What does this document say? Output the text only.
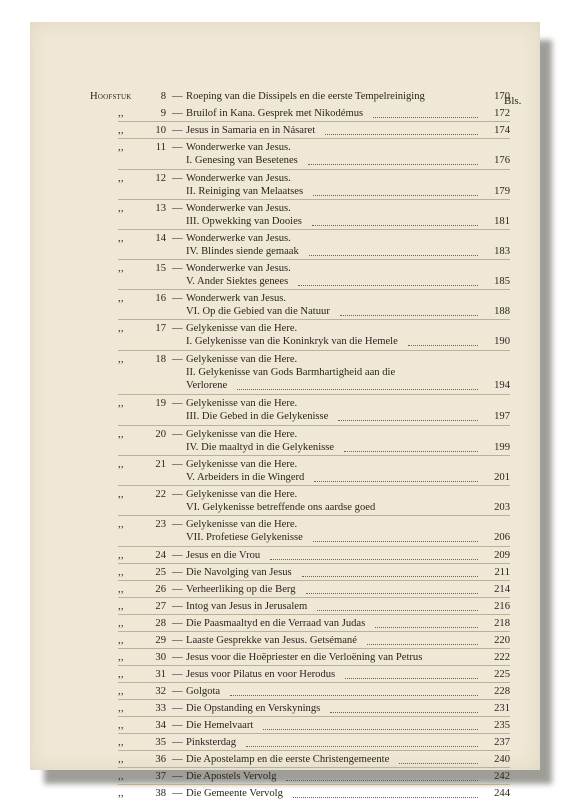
Bls.
Hoofstuk	8 — Roeping van die Dissipels en die eerste Tempelreiniging	170
,,	9 — Bruilof in Kana. Gesprek met Nikodémus	172
,,	10 — Jesus in Samaria en in Násaret	174
,,	11 — Wonderwerke van Jesus.
I. Genesing van Besetenes	176
,,	12 — Wonderwerke van Jesus.
II. Reiniging van Melaatses	179
,,	13 — Wonderwerke van Jesus.
III. Opwekking van Dooies	181
,,	14 — Wonderwerke van Jesus.
IV. Blindes siende gemaak	183
,,	15 — Wonderwerke van Jesus.
V. Ander Siektes genees	185
,,	16 — Wonderwerk van Jesus.
VI. Op die Gebied van die Natuur	188
,,	17 — Gelykenisse van die Here.
I. Gelykenisse van die Koninkryk van die Hemele	190
,,	18 — Gelykenisse van die Here.
II. Gelykenisse van Gods Barmhartigheid aan die
Verlorene	194
,,	19 — Gelykenisse van die Here.
III. Die Gebed in die Gelykenisse	197
,,	20 — Gelykenisse van die Here.
IV. Die maaltyd in die Gelykenisse	199
,,	21 — Gelykenisse van die Here.
V. Arbeiders in die Wingerd	201
,,	22 — Gelykenisse van die Here.
VI. Gelykenisse betreffende ons aardse goed	203
,,	23 — Gelykenisse van die Here.
VII. Profetiese Gelykenisse	206
,,	24 — Jesus en die Vrou	209
,,	25 — Die Navolging van Jesus	211
,,	26 — Verheerliking op die Berg	214
,,	27 — Intog van Jesus in Jerusalem	216
,,	28 — Die Paasmaaltyd en die Verraad van Judas	218
,,	29 — Laaste Gesprekke van Jesus. Getsémané	220
,,	30 — Jesus voor die Hoëpriester en die Verloëning van Petrus	222
,,	31 — Jesus voor Pilatus en voor Herodus	225
,,	32 — Golgota	228
,,	33 — Die Opstanding en Verskynings	231
,,	34 — Die Hemelvaart	235
,,	35 — Pinksterdag	237
,,	36 — Die Apostelamp en die eerste Christengemeente	240
,,	37 — Die Apostels Vervolg	242
,,	38 — Die Gemeente Vervolg	244
